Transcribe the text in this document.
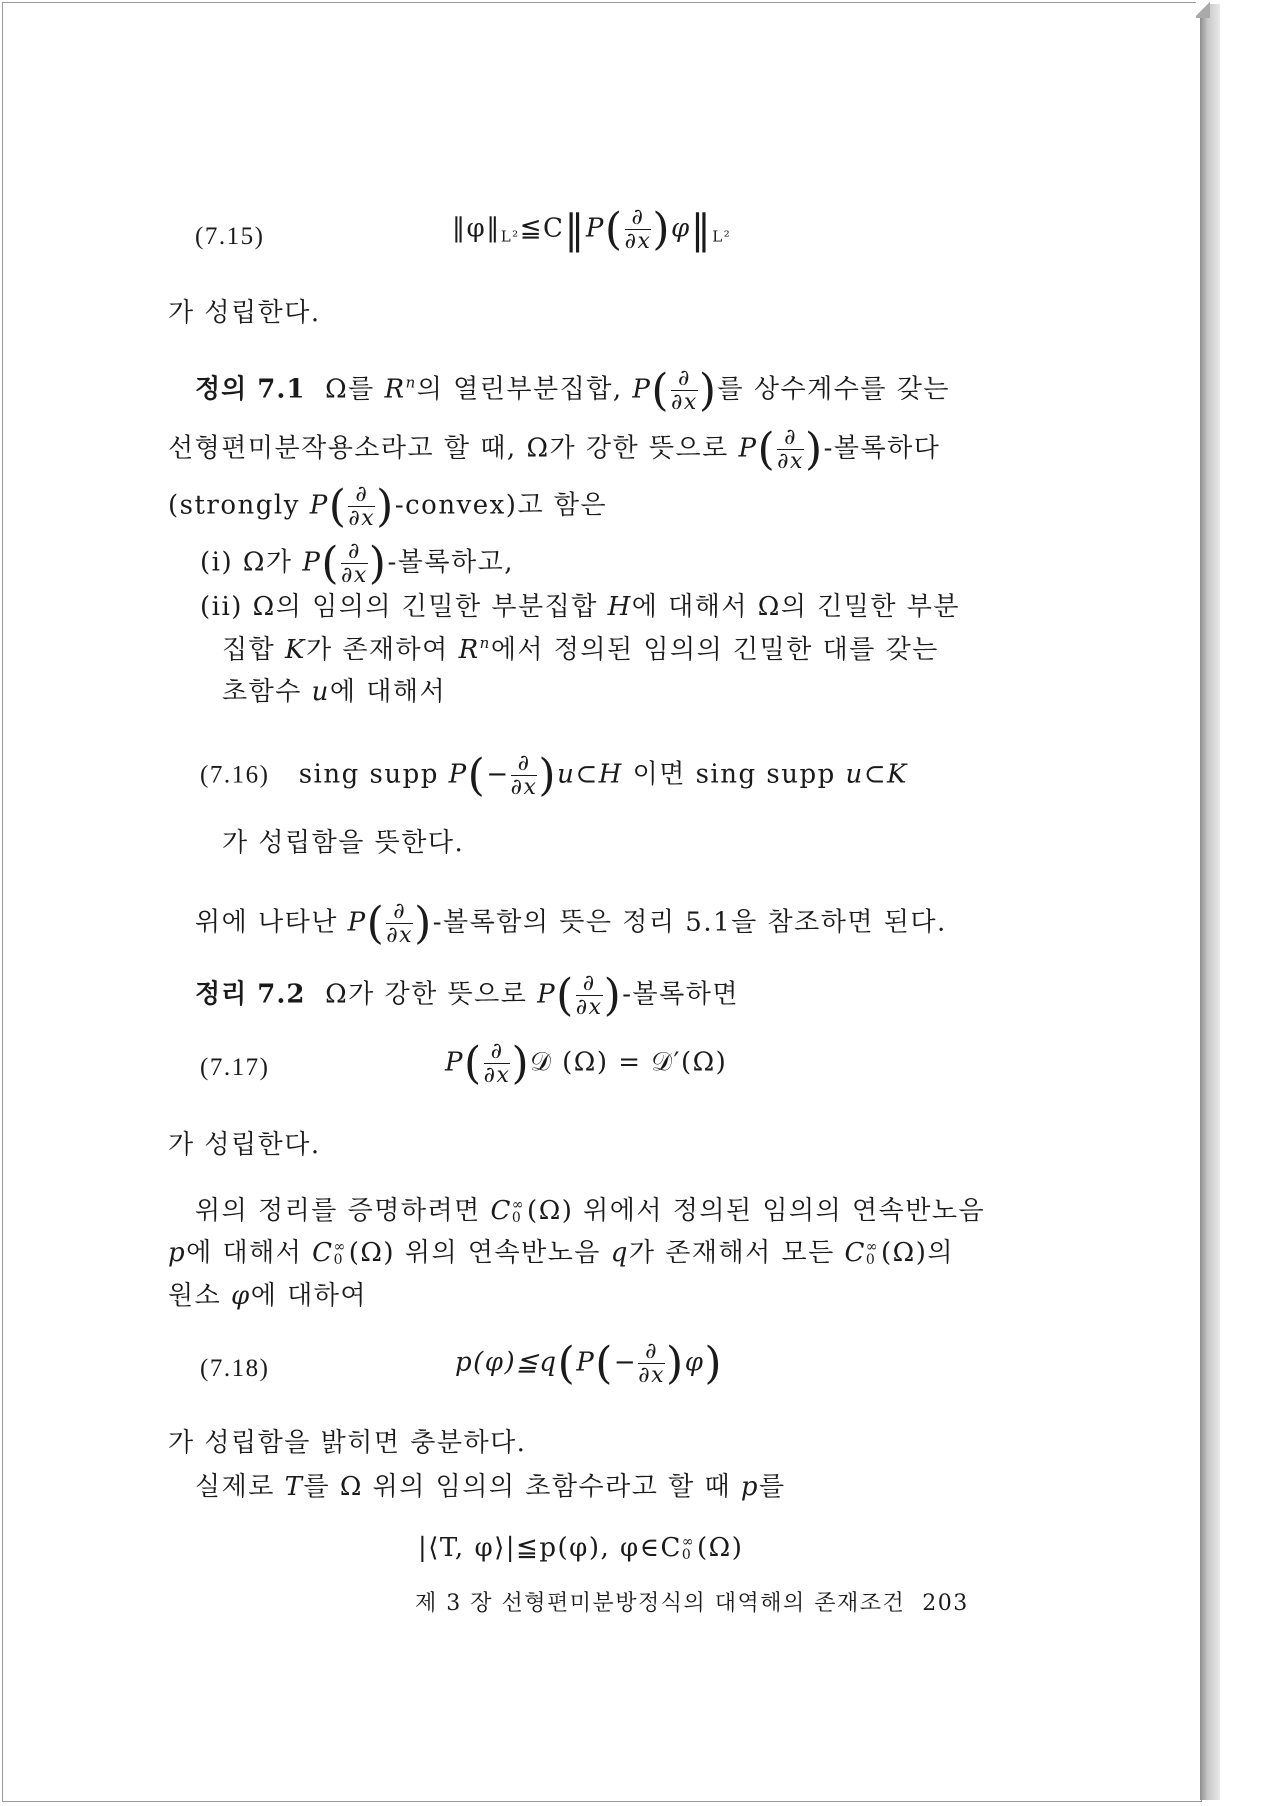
(7.15)	$‖\varphi‖_{L^2}≦C‖P( \frac{\partial}{\partial x}$ )$\varphi‖_{L^2}$
가 성립한다.
정의 7.1 Ω를 $R^n$의 열린부분집합, $P( \frac{\partial}{\partial x}$ )를 상수계수를 갖는
선형편미분작용소라고 할 때, Ω가 강한 뜻으로 $P( \frac{\partial}{\partial x}$ )-볼록하다
(strongly $P( \frac{\partial}{\partial x}$ )-convex)고 함은
(i) Ω가 $P( \frac{\partial}{\partial x}$ )-볼록하고,
(ii) Ω의 임의의 긴밀한 부분집합 H에 대해서 Ω의 긴밀한 부분
집합 K가 존재하여 $R^n$에서 정의된 임의의 긴밀한 대를 갖는
초함수 u에 대해서
(7.16) sing supp $P(- \frac{\partial}{\partial x}$ )u⊂H 이면 sing supp u⊂K
가 성립함을 뜻한다.
위에 나타난 $P( \frac{\partial}{\partial x}$ )-볼록함의 뜻은 정리 5.1을 참조하면 된다.
정리 7.2 Ω가 강한 뜻으로 $P( \frac{\partial}{\partial x}$ )-볼록하면
(7.17)	$P( \frac{\partial}{\partial x}$ )𝒟 (Ω) = 𝒟′(Ω)
가 성립한다.
위의 정리를 증명하려면 C ∞
0 (Ω) 위에서 정의된 임의의 연속반노음
p에 대해서 C ∞
0 (Ω) 위의 연속반노음 q가 존재해서 모든 C ∞
0 (Ω)의
원소 φ에 대하여
(7.18)	p(φ)≦q(P(− $\frac{\partial}{\partial x} )\varphi$)
가 성립함을 밝히면 충분하다.
실제로 T를 Ω 위의 임의의 초함수라고 할 때 p를
|⟨T, φ⟩|≦p(φ), φ∈C ∞
0 (Ω)
제 3 장 선형편미분방정식의 대역해의 존재조건 203
